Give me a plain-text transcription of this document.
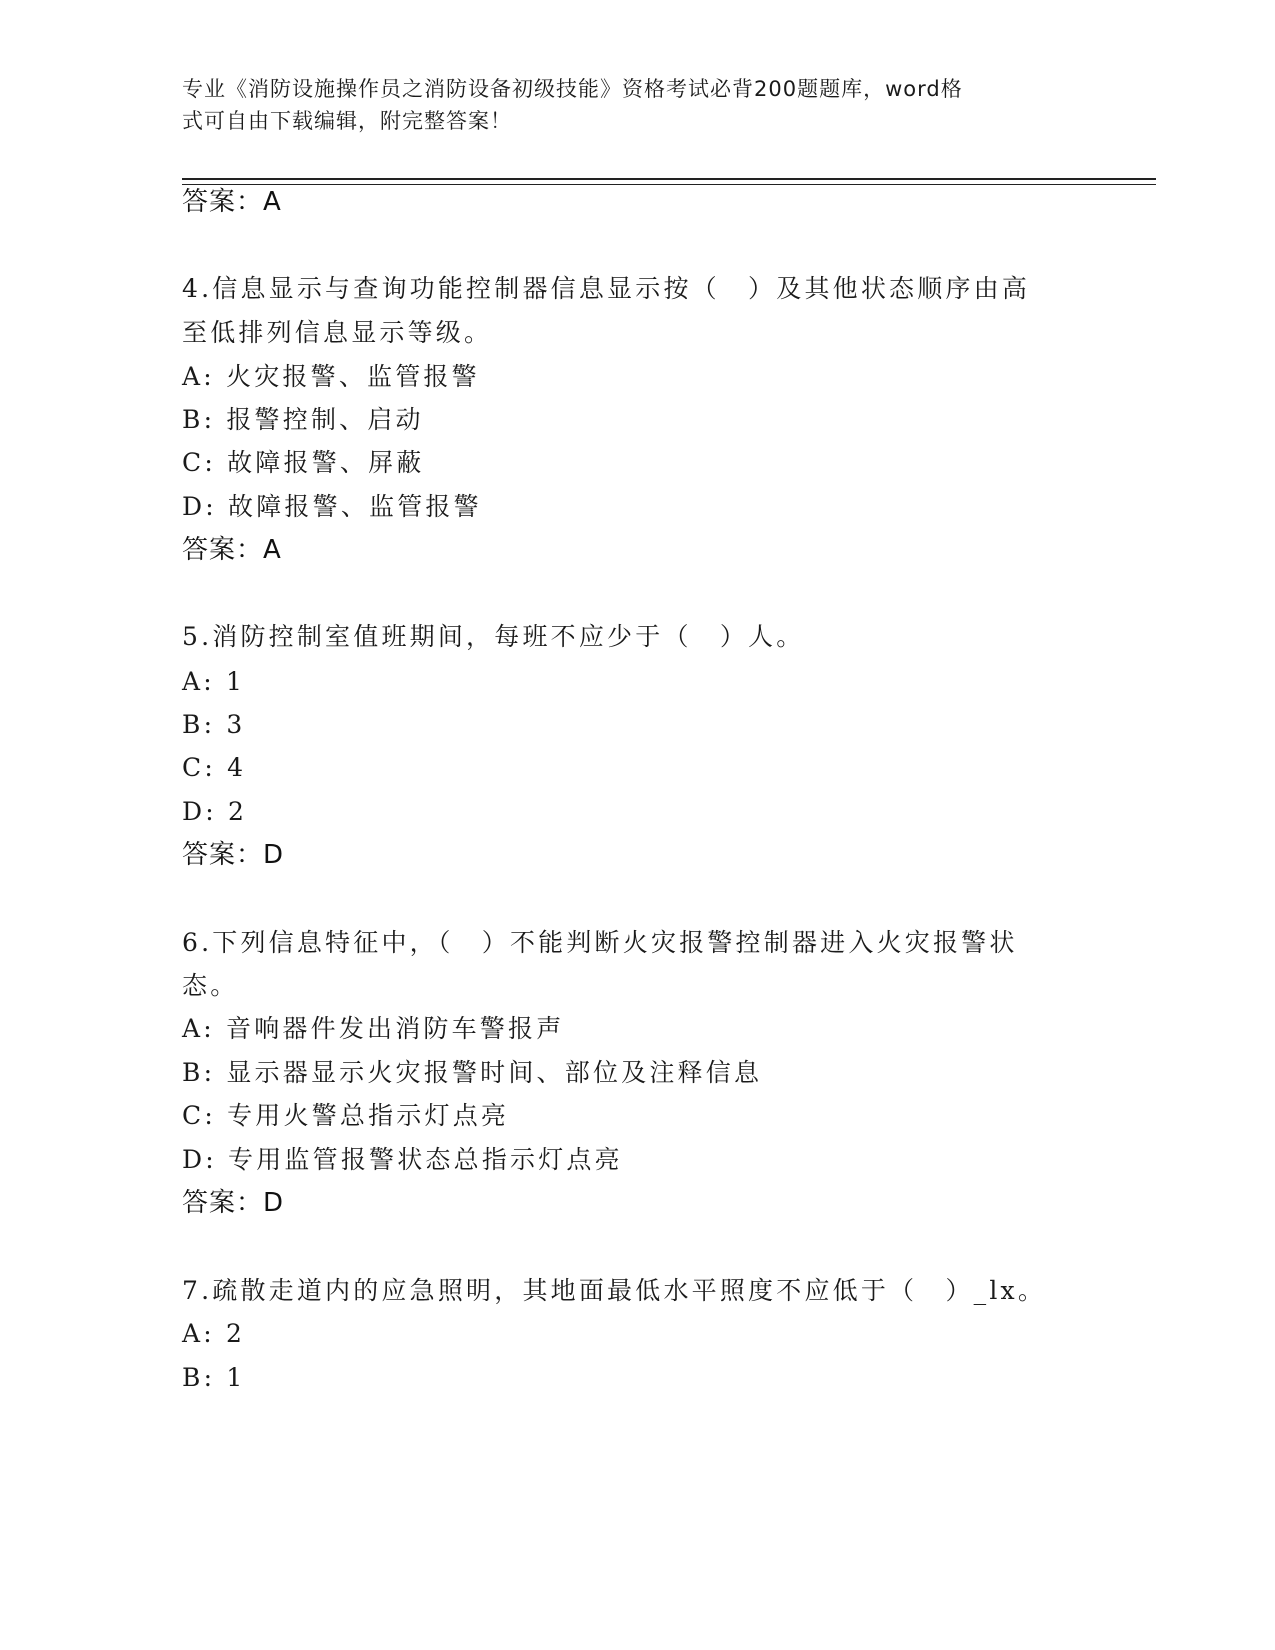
专业《消防设施操作员之消防设备初级技能》资格考试必背200题题库，word格
式可自由下载编辑，附完整答案！
答案：A
4.信息显示与查询功能控制器信息显示按（　）及其他状态顺序由高
至低排列信息显示等级。
A: 火灾报警、监管报警
B: 报警控制、启动
C: 故障报警、屏蔽
D: 故障报警、监管报警
答案：A
5.消防控制室值班期间，每班不应少于（　）人。
A: 1
B: 3
C: 4
D: 2
答案：D
6.下列信息特征中，（　）不能判断火灾报警控制器进入火灾报警状
态。
A: 音响器件发出消防车警报声
B: 显示器显示火灾报警时间、部位及注释信息
C: 专用火警总指示灯点亮
D: 专用监管报警状态总指示灯点亮
答案：D
7.疏散走道内的应急照明，其地面最低水平照度不应低于（　）_lx。
A: 2
B: 1
